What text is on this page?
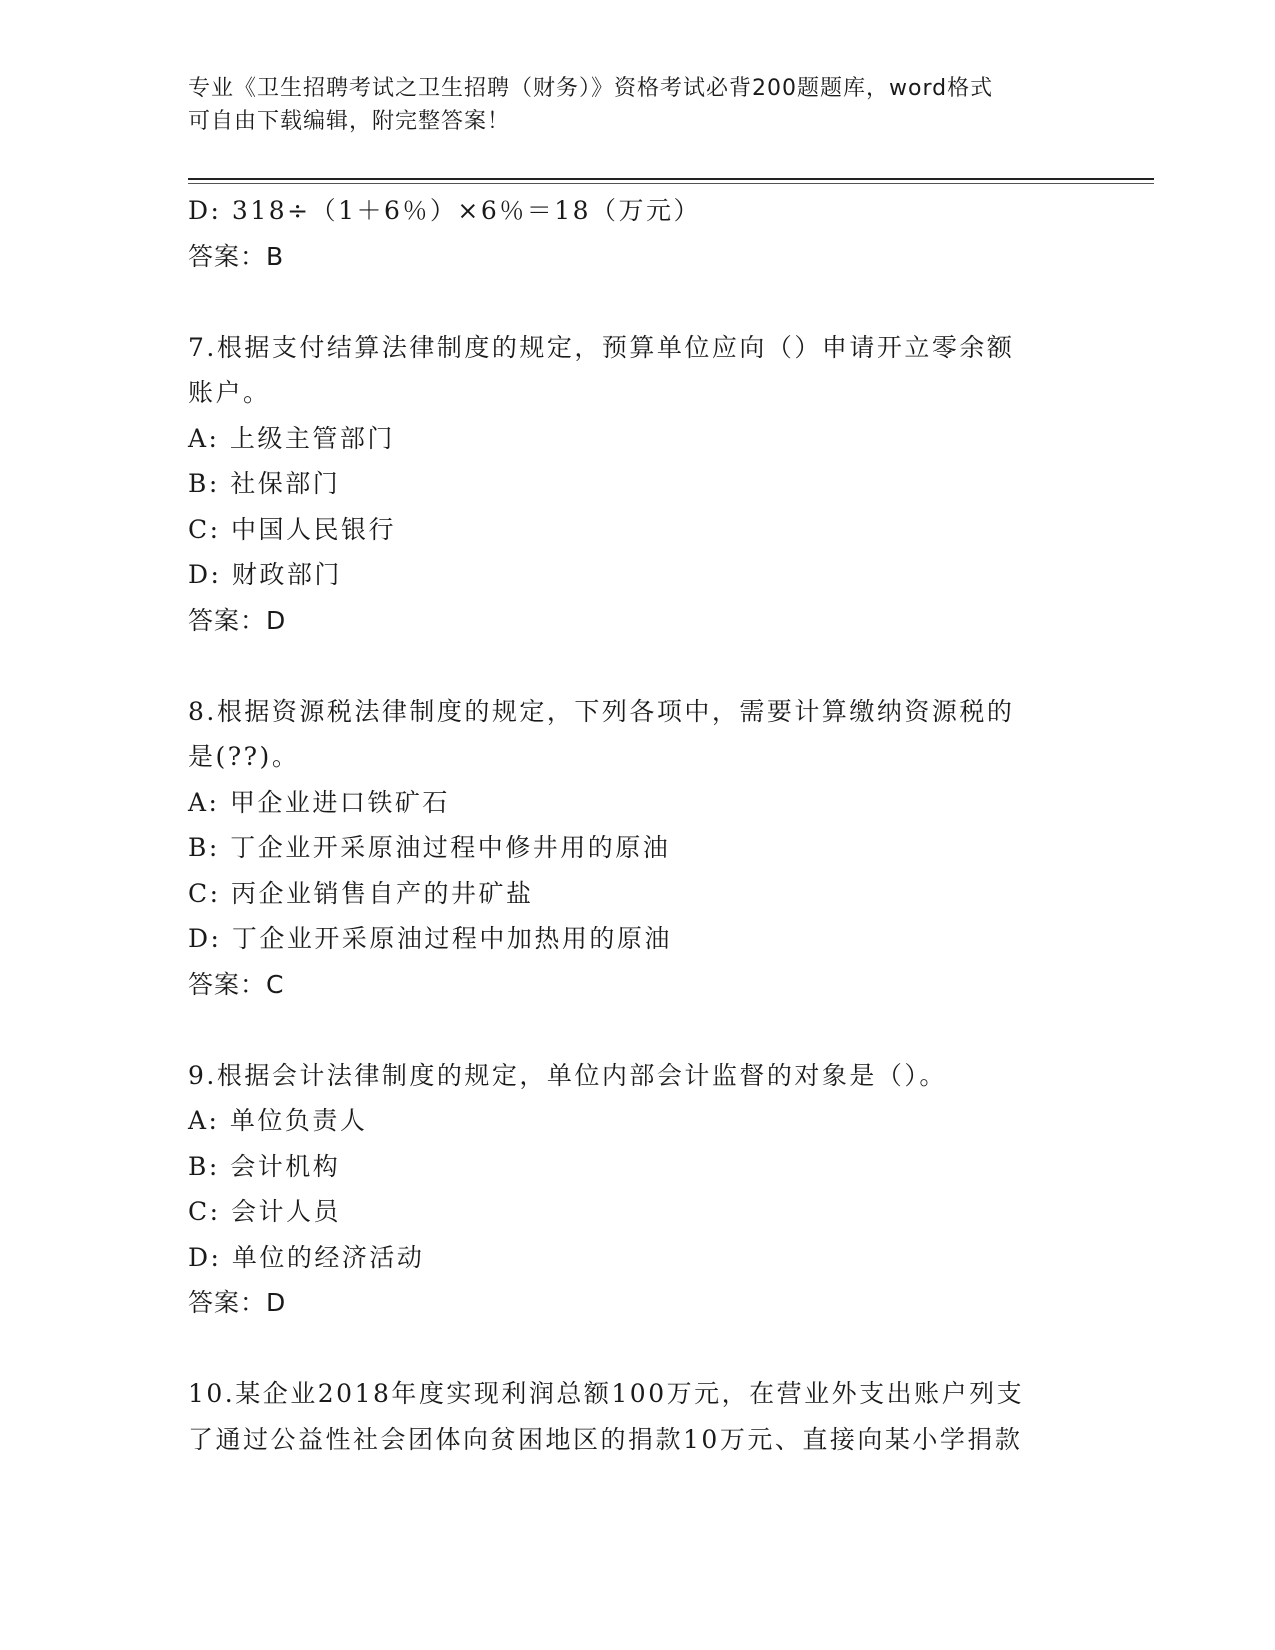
专业《卫生招聘考试之卫生招聘（财务）》资格考试必背200题题库，word格式
可自由下载编辑，附完整答案！
D: 318÷（1＋6％）×6％＝18（万元）
答案：B
7.根据支付结算法律制度的规定，预算单位应向（）申请开立零余额
账户。
A: 上级主管部门
B: 社保部门
C: 中国人民银行
D: 财政部门
答案：D
8.根据资源税法律制度的规定，下列各项中，需要计算缴纳资源税的
是(??)。
A: 甲企业进口铁矿石
B: 丁企业开采原油过程中修井用的原油
C: 丙企业销售自产的井矿盐
D: 丁企业开采原油过程中加热用的原油
答案：C
9.根据会计法律制度的规定，单位内部会计监督的对象是（）。
A: 单位负责人
B: 会计机构
C: 会计人员
D: 单位的经济活动
答案：D
10.某企业2018年度实现利润总额100万元，在营业外支出账户列支
了通过公益性社会团体向贫困地区的捐款10万元、直接向某小学捐款
